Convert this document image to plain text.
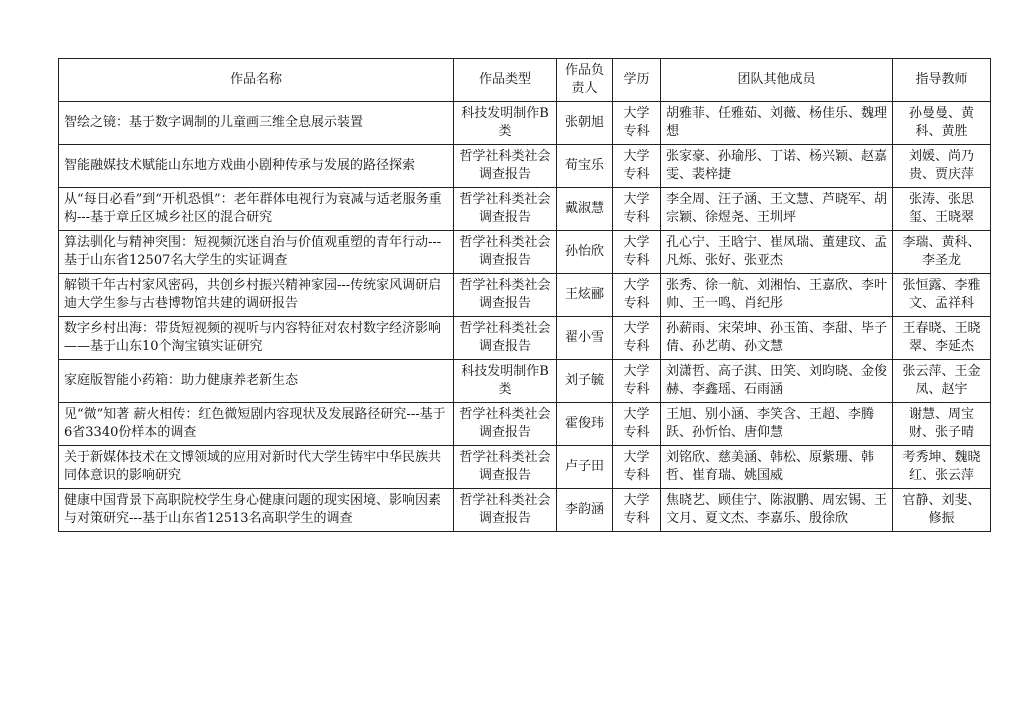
作品名称	作品类型	作品负责人	学历	团队其他成员	指导教师
智绘之镜：基于数字调制的儿童画三维全息展示装置	科技发明制作B类	张朝旭	大学专科	胡雅菲、任雅茹、刘薇、杨佳乐、魏理想	孙曼曼、黄科、黄胜
智能融媒技术赋能山东地方戏曲小剧种传承与发展的路径探索	哲学社科类社会调查报告	荀宝乐	大学专科	张家豪、孙瑜彤、丁诺、杨兴颖、赵嘉雯、裴梓捷	刘媛、尚乃贵、贾庆萍
从“每日必看”到“开机恐惧”：老年群体电视行为衰减与适老服务重构---基于章丘区城乡社区的混合研究	哲学社科类社会调查报告	戴淑慧	大学专科	李全周、汪子涵、王文慧、芦晓军、胡宗颖、徐煜尧、王圳坪	张涛、张思玺、王晓翠
算法驯化与精神突围：短视频沉迷自治与价值观重塑的青年行动---基于山东省12507名大学生的实证调查	哲学社科类社会调查报告	孙怡欣	大学专科	孔心宁、王晗宁、崔凤瑞、董建玟、孟凡烁、张好、张亚杰	李瑞、黄科、李圣龙
解锁千年古村家风密码，共创乡村振兴精神家园---传统家风调研启迪大学生参与古巷博物馆共建的调研报告	哲学社科类社会调查报告	王炫郦	大学专科	张秀、徐一航、刘湘怡、王嘉欣、李叶帅、王一鸣、肖纪彤	张恒露、李雅文、孟祥科
数字乡村出海：带货短视频的视听与内容特征对农村数字经济影响——基于山东10个淘宝镇实证研究	哲学社科类社会调查报告	翟小雪	大学专科	孙薪雨、宋荣坤、孙玉笛、李甜、毕子倩、孙艺萌、孙文慧	王春晓、王晓翠、李延杰
家庭版智能小药箱：助力健康养老新生态	科技发明制作B类	刘子毓	大学专科	刘潇哲、高子淇、田笑、刘昀晓、金俊赫、李鑫瑶、石雨涵	张云萍、王金凤、赵宇
见“微”知著 薪火相传：红色微短剧内容现状及发展路径研究---基于6省3340份样本的调查	哲学社科类社会调查报告	霍俊玮	大学专科	王旭、别小涵、李笑含、王超、李腾跃、孙忻怡、唐仰慧	谢慧、周宝财、张子晴
关于新媒体技术在文博领域的应用对新时代大学生铸牢中华民族共同体意识的影响研究	哲学社科类社会调查报告	卢子田	大学专科	刘铭欣、慈美涵、韩松、原紫珊、韩哲、崔育瑞、姚国威	考秀坤、魏晓红、张云萍
健康中国背景下高职院校学生身心健康问题的现实困境、影响因素与对策研究---基于山东省12513名高职学生的调查	哲学社科类社会调查报告	李韵涵	大学专科	焦晓艺、顾佳宁、陈淑鹏、周宏锡、王文月、夏文杰、李嘉乐、殷徐欣	官静、刘斐、修振
